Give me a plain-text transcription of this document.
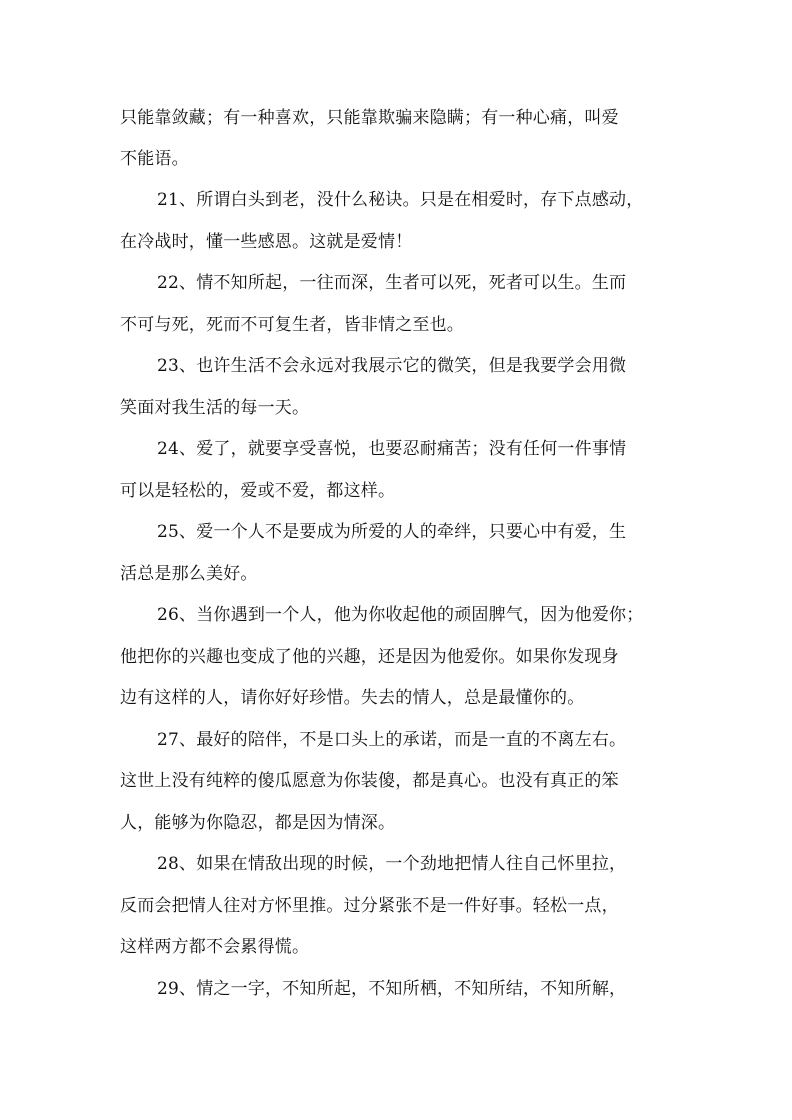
只能靠敛藏；有一种喜欢，只能靠欺骗来隐瞒；有一种心痛，叫爱
不能语。
21、所谓白头到老，没什么秘诀。只是在相爱时，存下点感动，
在冷战时，懂一些感恩。这就是爱情！
22、情不知所起，一往而深，生者可以死，死者可以生。生而
不可与死，死而不可复生者，皆非情之至也。
23、也许生活不会永远对我展示它的微笑，但是我要学会用微
笑面对我生活的每一天。
24、爱了，就要享受喜悦，也要忍耐痛苦；没有任何一件事情
可以是轻松的，爱或不爱，都这样。
25、爱一个人不是要成为所爱的人的牵绊，只要心中有爱，生
活总是那么美好。
26、当你遇到一个人，他为你收起他的顽固脾气，因为他爱你；
他把你的兴趣也变成了他的兴趣，还是因为他爱你。如果你发现身
边有这样的人，请你好好珍惜。失去的情人，总是最懂你的。
27、最好的陪伴，不是口头上的承诺，而是一直的不离左右。
这世上没有纯粹的傻瓜愿意为你装傻，都是真心。也没有真正的笨
人，能够为你隐忍，都是因为情深。
28、如果在情敌出现的时候，一个劲地把情人往自己怀里拉，
反而会把情人往对方怀里推。过分紧张不是一件好事。轻松一点，
这样两方都不会累得慌。
29、情之一字，不知所起，不知所栖，不知所结，不知所解，
